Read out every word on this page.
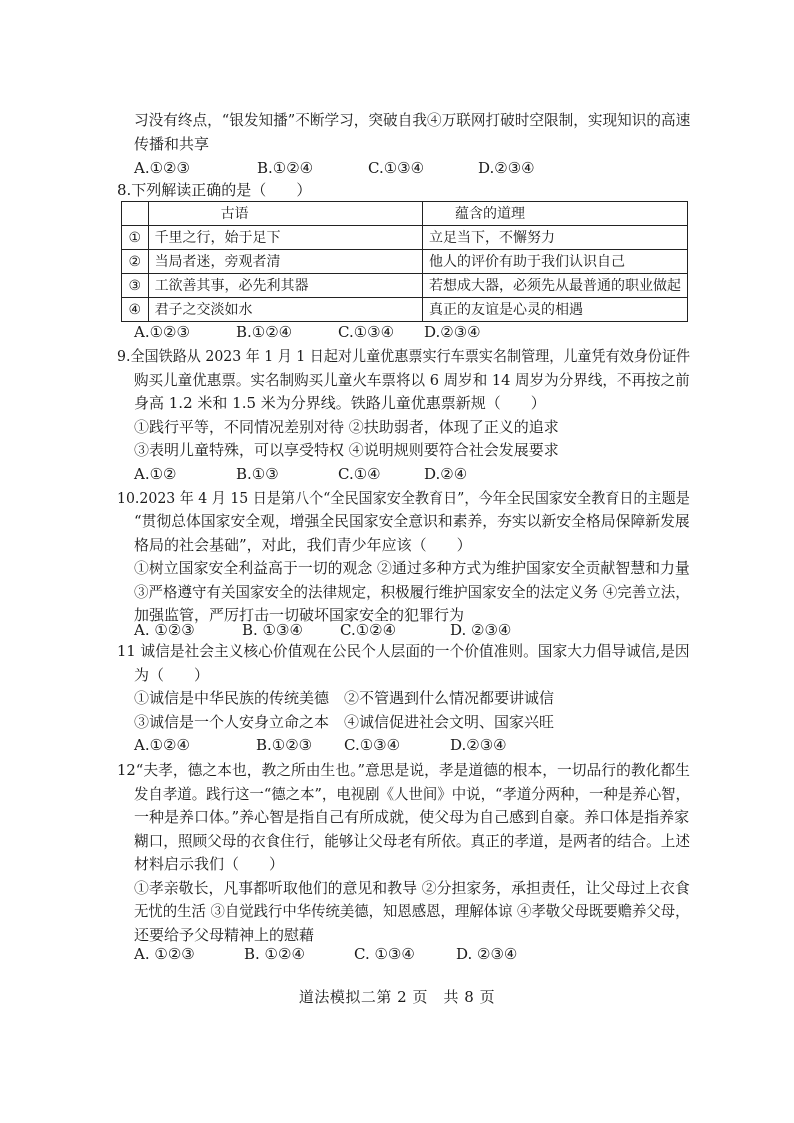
习没有终点，“银发知播”不断学习，突破自我④万联网打破时空限制，实现知识的高速
传播和共享
A.①②③	B.①②④	C.①③④	D.②③④
8.下列解读正确的是（　　）
	古语	蕴含的道理
①	千里之行，始于足下	立足当下，不懈努力
②	当局者迷，旁观者清	他人的评价有助于我们认识自己
③	工欲善其事，必先利其器	若想成大器，必须先从最普通的职业做起
④	君子之交淡如水	真正的友谊是心灵的相遇
A.①②③	B.①②④	C.①③④ D.②③④
9.全国铁路从 2023 年 1 月 1 日起对儿童优惠票实行车票实名制管理，儿童凭有效身份证件
购买儿童优惠票。实名制购买儿童火车票将以 6 周岁和 14 周岁为分界线，不再按之前
身高 1.2 米和 1.5 米为分界线。铁路儿童优惠票新规（　　）
①践行平等，不同情况差别对待 ②扶助弱者，体现了正义的追求
③表明儿童特殊，可以享受特权 ④说明规则要符合社会发展要求
A.①②	B.①③	C.①④	D.②④
10.2023 年 4 月 15 日是第八个“全民国家安全教育日”，今年全民国家安全教育日的主题是
“贯彻总体国家安全观，增强全民国家安全意识和素养，夯实以新安全格局保障新发展
格局的社会基础”，对此，我们青少年应该（　　）
①树立国家安全利益高于一切的观念 ②通过多种方式为维护国家安全贡献智慧和力量
③严格遵守有关国家安全的法律规定，积极履行维护国家安全的法定义务 ④完善立法，
加强监管，严厉打击一切破坏国家安全的犯罪行为
A. ①②③	B. ①③④ C.①②④	D. ②③④
11 诚信是社会主义核心价值观在公民个人层面的一个价值准则。国家大力倡导诚信,是因
为（　　）
①诚信是中华民族的传统美德　②不管遇到什么情况都要讲诚信
③诚信是一个人安身立命之本　④诚信促进社会文明、国家兴旺
A.①②④	B.①②③ C.①③④	D.②③④
12“夫孝，德之本也，教之所由生也。”意思是说，孝是道德的根本，一切品行的教化都生
发自孝道。践行这一“德之本”，电视剧《人世间》中说，“孝道分两种，一种是养心智，
一种是养口体。”养心智是指自己有所成就，使父母为自己感到自豪。养口体是指养家
糊口，照顾父母的衣食住行，能够让父母老有所依。真正的孝道，是两者的结合。上述
材料启示我们（　　）
①孝亲敬长，凡事都听取他们的意见和教导 ②分担家务，承担责任，让父母过上衣食
无忧的生活 ③自觉践行中华传统美德，知恩感恩，理解体谅 ④孝敬父母既要赡养父母，
还要给予父母精神上的慰藉
A. ①②③	B. ①②④	C. ①③④	D. ②③④
道法模拟二第 2 页　共 8 页
